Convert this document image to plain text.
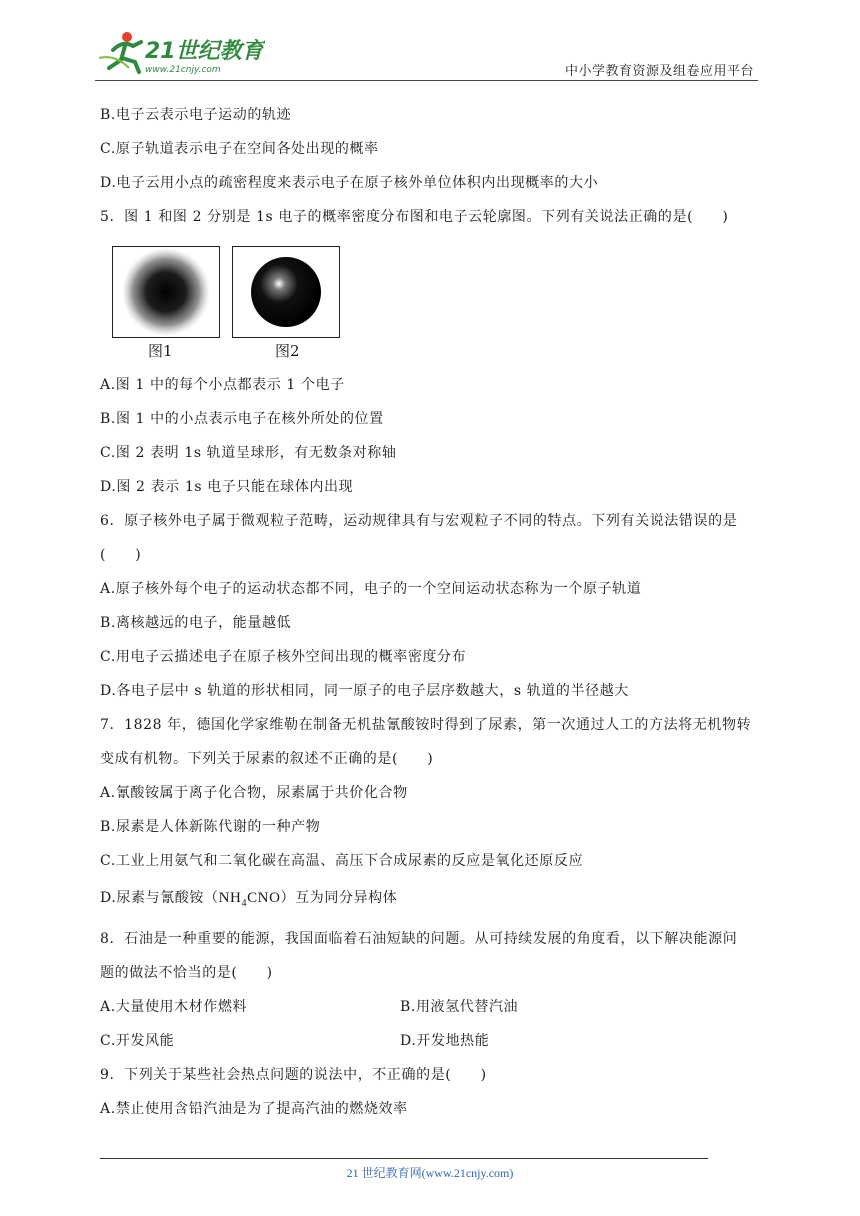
21世纪教育
www.21cnjy.com	中小学教育资源及组卷应用平台
B.电子云表示电子运动的轨迹
C.原子轨道表示电子在空间各处出现的概率
D.电子云用小点的疏密程度来表示电子在原子核外单位体积内出现概率的大小
5．图 1 和图 2 分别是 1s 电子的概率密度分布图和电子云轮廓图。下列有关说法正确的是(　　)
图1	图2
A.图 1 中的每个小点都表示 1 个电子
B.图 1 中的小点表示电子在核外所处的位置
C.图 2 表明 1s 轨道呈球形，有无数条对称轴
D.图 2 表示 1s 电子只能在球体内出现
6．原子核外电子属于微观粒子范畴，运动规律具有与宏观粒子不同的特点。下列有关说法错误的是
(　　)
A.原子核外每个电子的运动状态都不同，电子的一个空间运动状态称为一个原子轨道
B.离核越远的电子，能量越低
C.用电子云描述电子在原子核外空间出现的概率密度分布
D.各电子层中 s 轨道的形状相同，同一原子的电子层序数越大，s 轨道的半径越大
7．1828 年，德国化学家维勒在制备无机盐氰酸铵时得到了尿素，第一次通过人工的方法将无机物转
变成有机物。下列关于尿素的叙述不正确的是(　　)
A.氰酸铵属于离子化合物，尿素属于共价化合物
B.尿素是人体新陈代谢的一种产物
C.工业上用氨气和二氧化碳在高温、高压下合成尿素的反应是氧化还原反应
D.尿素与氰酸铵$(NH_4CNO)$互为同分异构体
8．石油是一种重要的能源，我国面临着石油短缺的问题。从可持续发展的角度看，以下解决能源问
题的做法不恰当的是(　　)
A.大量使用木材作燃料	B.用液氢代替汽油
C.开发风能	D.开发地热能
9．下列关于某些社会热点问题的说法中，不正确的是(　　)
A.禁止使用含铅汽油是为了提高汽油的燃烧效率
21 世纪教育网(www.21cnjy.com)
